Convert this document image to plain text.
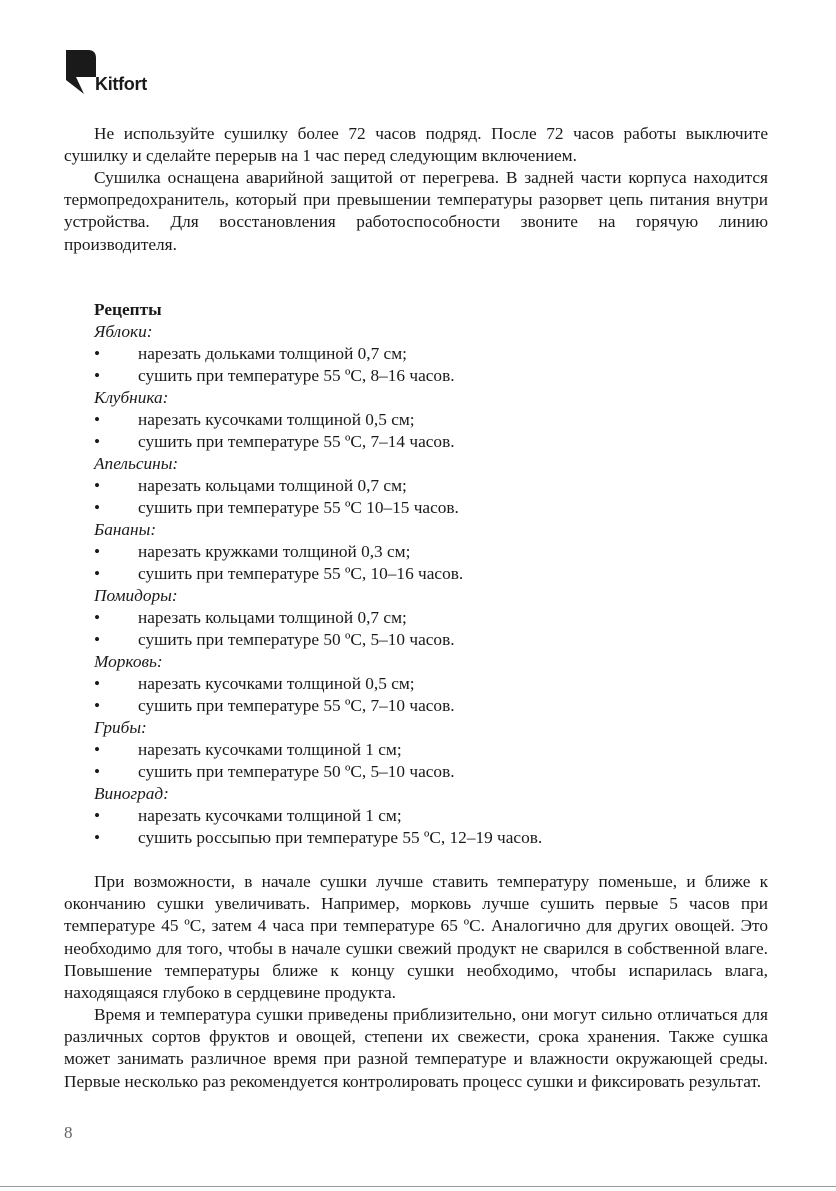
Kitfort

Не используйте сушилку более 72 часов подряд. После 72 часов работы выключите сушилку и сделайте перерыв на 1 час перед следующим включением.

Сушилка оснащена аварийной защитой от перегрева. В задней части корпуса находится термопредохранитель, который при превышении температуры разорвет цепь питания внутри устройства. Для восстановления работоспособности звоните на горячую линию производителя.

Рецепты
Яблоки:
• нарезать дольками толщиной 0,7 см;
• сушить при температуре 55 ºС, 8–16 часов.
Клубника:
• нарезать кусочками толщиной 0,5 см;
• сушить при температуре 55 ºС, 7–14 часов.
Апельсины:
• нарезать кольцами толщиной 0,7 см;
• сушить при температуре 55 ºС 10–15 часов.
Бананы:
• нарезать кружками толщиной 0,3 см;
• сушить при температуре 55 ºС, 10–16 часов.
Помидоры:
• нарезать кольцами толщиной 0,7 см;
• сушить при температуре 50 ºС, 5–10 часов.
Морковь:
• нарезать кусочками толщиной 0,5 см;
• сушить при температуре 55 ºС, 7–10 часов.
Грибы:
• нарезать кусочками толщиной 1 см;
• сушить при температуре 50 ºС, 5–10 часов.
Виноград:
• нарезать кусочками толщиной 1 см;
• сушить россыпью при температуре 55 ºС, 12–19 часов.

При возможности, в начале сушки лучше ставить температуру поменьше, и ближе к окончанию сушки увеличивать. Например, морковь лучше сушить первые 5 часов при температуре 45 ºС, затем 4 часа при температуре 65 ºС. Аналогично для других овощей. Это необходимо для того, чтобы в начале сушки свежий продукт не сварился в собственной влаге. Повышение температуры ближе к концу сушки необходимо, чтобы испарилась влага, находящаяся глубоко в сердцевине продукта.

Время и температура сушки приведены приблизительно, они могут сильно отличаться для различных сортов фруктов и овощей, степени их свежести, срока хранения. Также сушка может занимать различное время при разной температуре и влажности окружающей среды. Первые несколько раз рекомендуется контролировать процесс сушки и фиксировать результат.

8
